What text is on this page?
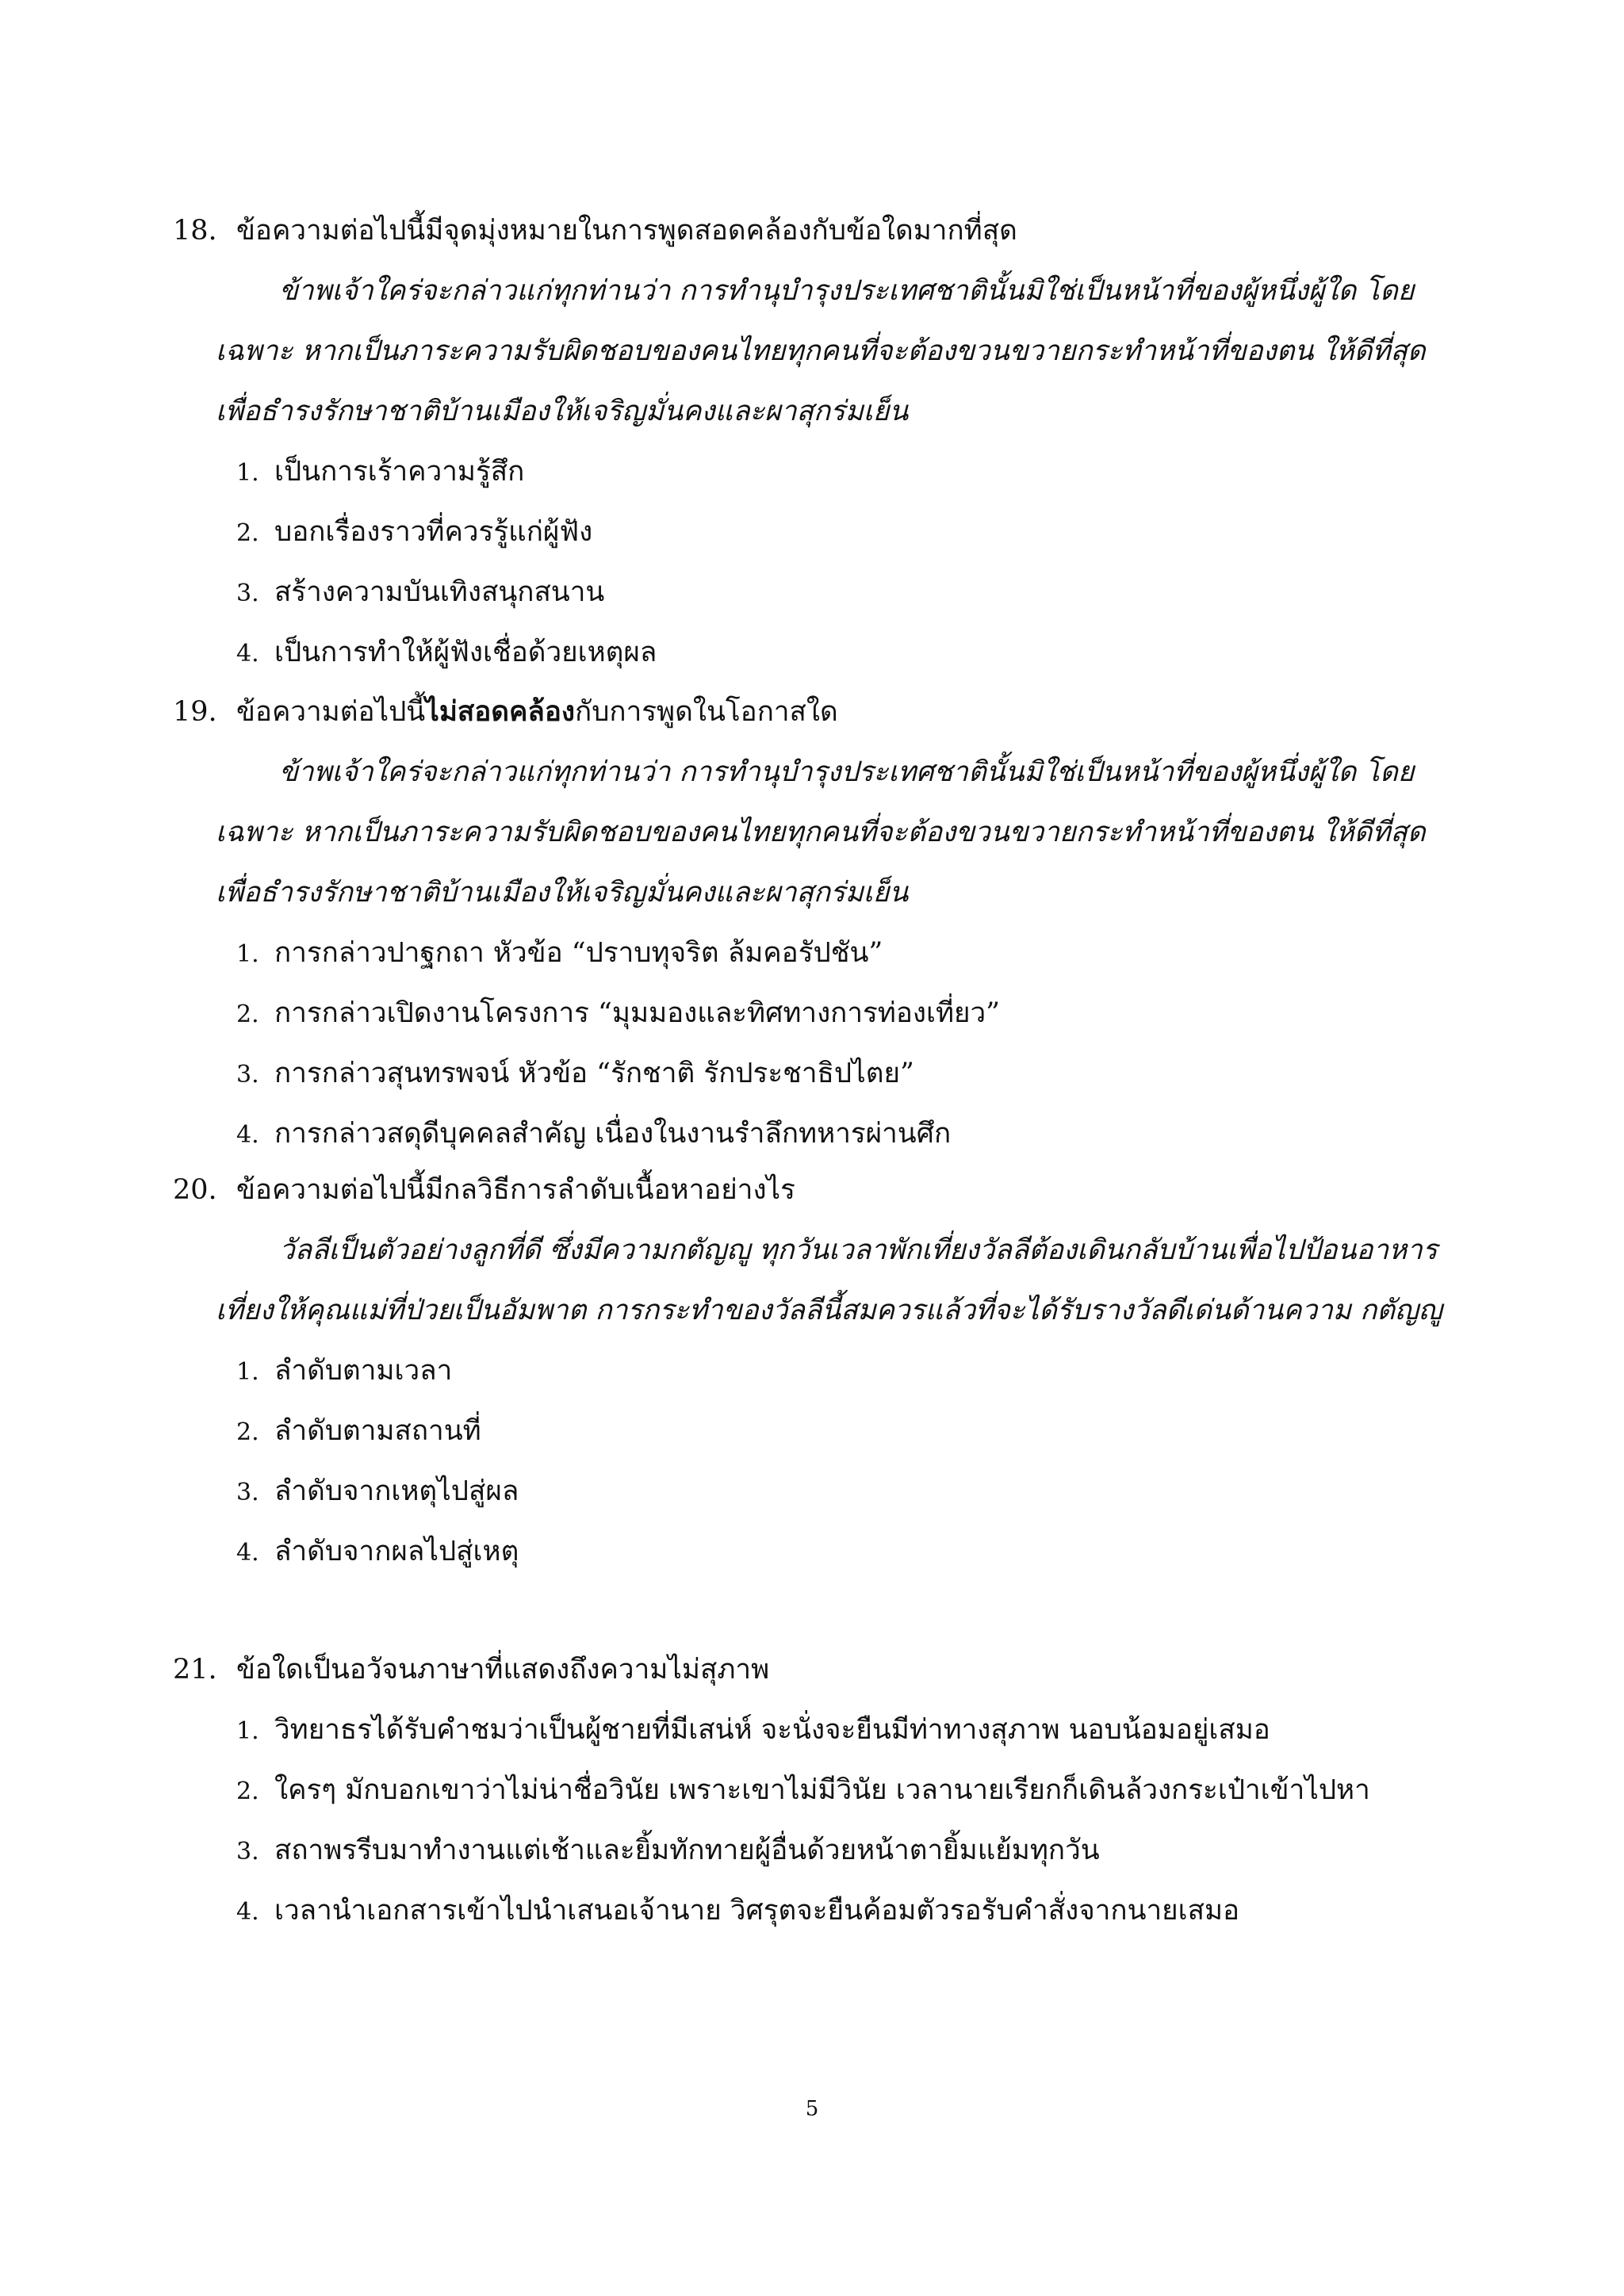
18. ข้อความต่อไปนี้มีจุดมุ่งหมายในการพูดสอดคล้องกับข้อใดมากที่สุด
ข้าพเจ้าใคร่จะกล่าวแก่ทุกท่านว่า การทำนุบำรุงประเทศชาตินั้นมิใช่เป็นหน้าที่ของผู้หนึ่งผู้ใด โดยเฉพาะ หากเป็นภาระความรับผิดชอบของคนไทยทุกคนที่จะต้องขวนขวายกระทำหน้าที่ของตน ให้ดีที่สุด เพื่อธำรงรักษาชาติบ้านเมืองให้เจริญมั่นคงและผาสุกร่มเย็น
1. เป็นการเร้าความรู้สึก
2. บอกเรื่องราวที่ควรรู้แก่ผู้ฟัง
3. สร้างความบันเทิงสนุกสนาน
4. เป็นการทำให้ผู้ฟังเชื่อด้วยเหตุผล
19. ข้อความต่อไปนี้ไม่สอดคล้องกับการพูดในโอกาสใด
ข้าพเจ้าใคร่จะกล่าวแก่ทุกท่านว่า การทำนุบำรุงประเทศชาตินั้นมิใช่เป็นหน้าที่ของผู้หนึ่งผู้ใด โดยเฉพาะ หากเป็นภาระความรับผิดชอบของคนไทยทุกคนที่จะต้องขวนขวายกระทำหน้าที่ของตน ให้ดีที่สุด เพื่อธำรงรักษาชาติบ้านเมืองให้เจริญมั่นคงและผาสุกร่มเย็น
1. การกล่าวปาฐกถา หัวข้อ “ปราบทุจริต ล้มคอรัปชัน”
2. การกล่าวเปิดงานโครงการ “มุมมองและทิศทางการท่องเที่ยว”
3. การกล่าวสุนทรพจน์ หัวข้อ “รักชาติ รักประชาธิปไตย”
4. การกล่าวสดุดีบุคคลสำคัญ เนื่องในงานรำลึกทหารผ่านศึก
20. ข้อความต่อไปนี้มีกลวิธีการลำดับเนื้อหาอย่างไร
วัลลีเป็นตัวอย่างลูกที่ดี ซึ่งมีความกตัญญู ทุกวันเวลาพักเที่ยงวัลลีต้องเดินกลับบ้านเพื่อไปป้อนอาหาร เที่ยงให้คุณแม่ที่ป่วยเป็นอัมพาต การกระทำของวัลลีนี้สมควรแล้วที่จะได้รับรางวัลดีเด่นด้านความ กตัญญู
1. ลำดับตามเวลา
2. ลำดับตามสถานที่
3. ลำดับจากเหตุไปสู่ผล
4. ลำดับจากผลไปสู่เหตุ
21. ข้อใดเป็นอวัจนภาษาที่แสดงถึงความไม่สุภาพ
1. วิทยาธรได้รับคำชมว่าเป็นผู้ชายที่มีเสน่ห์ จะนั่งจะยืนมีท่าทางสุภาพ นอบน้อมอยู่เสมอ
2. ใครๆ มักบอกเขาว่าไม่น่าชื่อวินัย เพราะเขาไม่มีวินัย เวลานายเรียกก็เดินล้วงกระเป๋าเข้าไปหา
3. สถาพรรีบมาทำงานแต่เช้าและยิ้มทักทายผู้อื่นด้วยหน้าตายิ้มแย้มทุกวัน
4. เวลานำเอกสารเข้าไปนำเสนอเจ้านาย วิศรุตจะยืนค้อมตัวรอรับคำสั่งจากนายเสมอ
5
